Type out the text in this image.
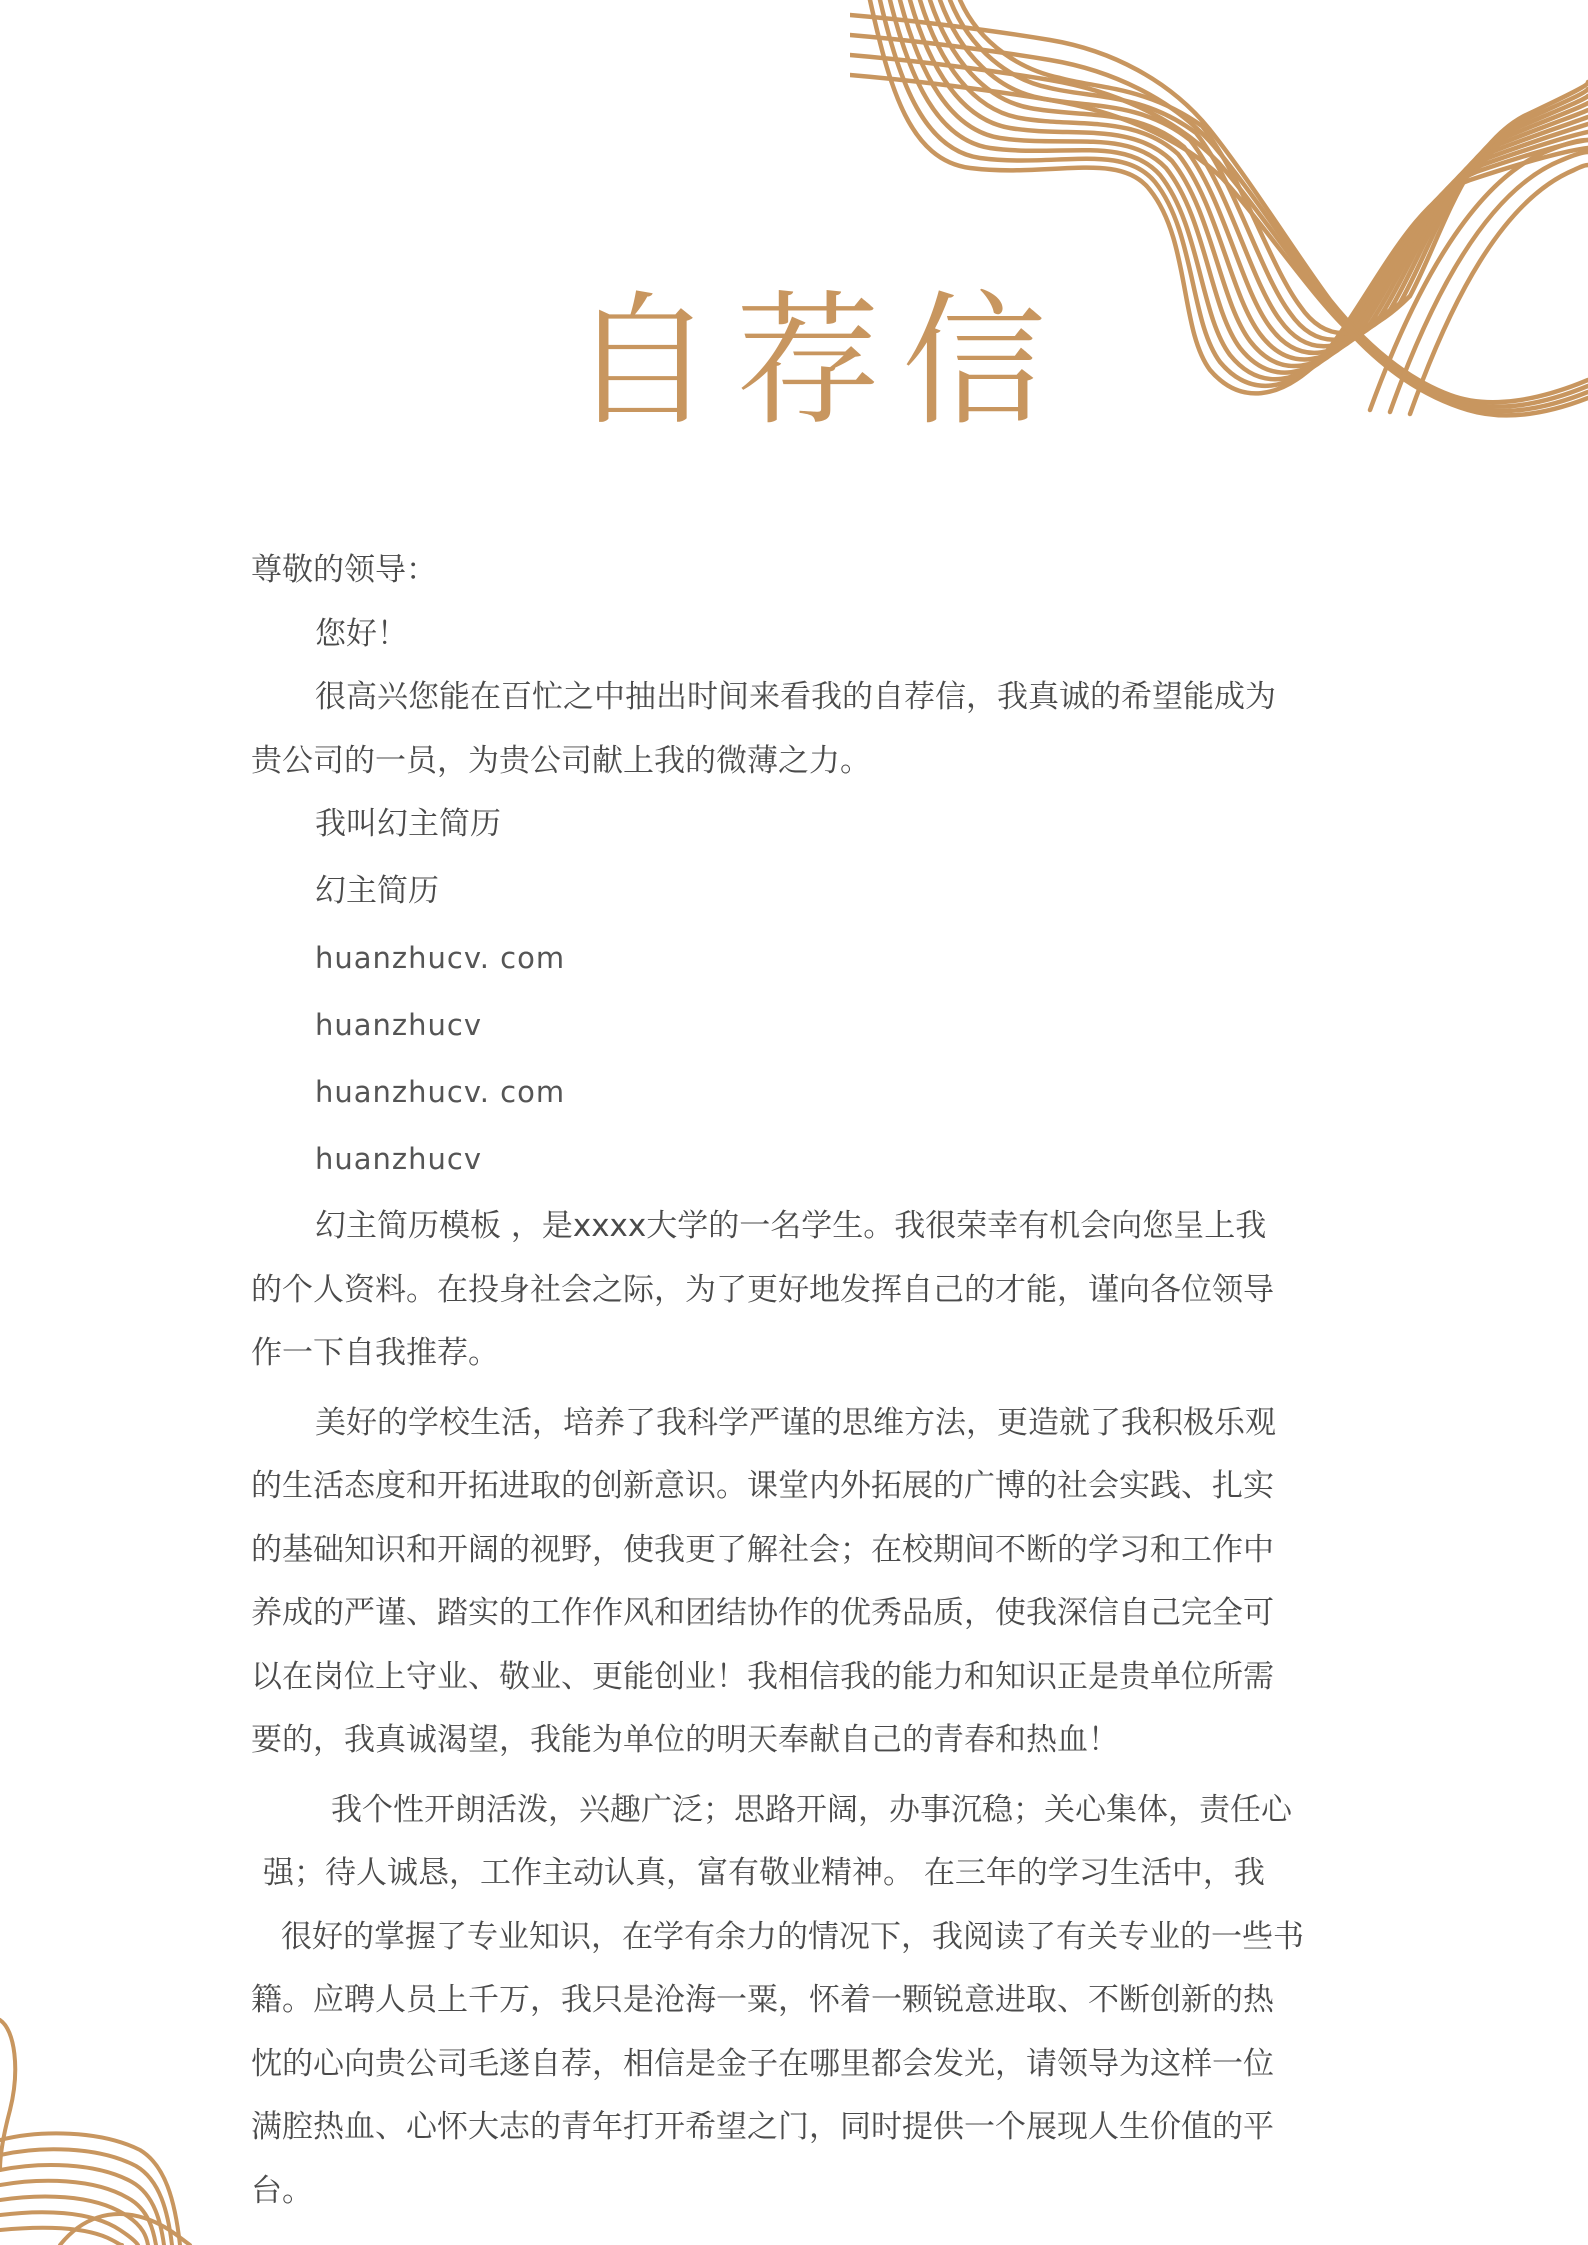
自荐信
尊敬的领导：
您好！
很高兴您能在百忙之中抽出时间来看我的自荐信，我真诚的希望能成为
贵公司的一员，为贵公司献上我的微薄之力。
我叫幻主简历
幻主简历
huanzhucv. com
huanzhucv
huanzhucv. com
huanzhucv
幻主简历模板 ，是xxxx大学的一名学生。我很荣幸有机会向您呈上我
的个人资料。在投身社会之际，为了更好地发挥自己的才能，谨向各位领导
作一下自我推荐。
美好的学校生活，培养了我科学严谨的思维方法，更造就了我积极乐观
的生活态度和开拓进取的创新意识。课堂内外拓展的广博的社会实践、扎实
的基础知识和开阔的视野，使我更了解社会；在校期间不断的学习和工作中
养成的严谨、踏实的工作作风和团结协作的优秀品质，使我深信自己完全可
以在岗位上守业、敬业、更能创业！我相信我的能力和知识正是贵单位所需
要的，我真诚渴望，我能为单位的明天奉献自己的青春和热血！
我个性开朗活泼，兴趣广泛；思路开阔，办事沉稳；关心集体，责任心
强；待人诚恳，工作主动认真，富有敬业精神。 在三年的学习生活中，我
很好的掌握了专业知识，在学有余力的情况下，我阅读了有关专业的一些书
籍。应聘人员上千万，我只是沧海一粟，怀着一颗锐意进取、不断创新的热
忱的心向贵公司毛遂自荐，相信是金子在哪里都会发光，请领导为这样一位
满腔热血、心怀大志的青年打开希望之门，同时提供一个展现人生价值的平
台。
